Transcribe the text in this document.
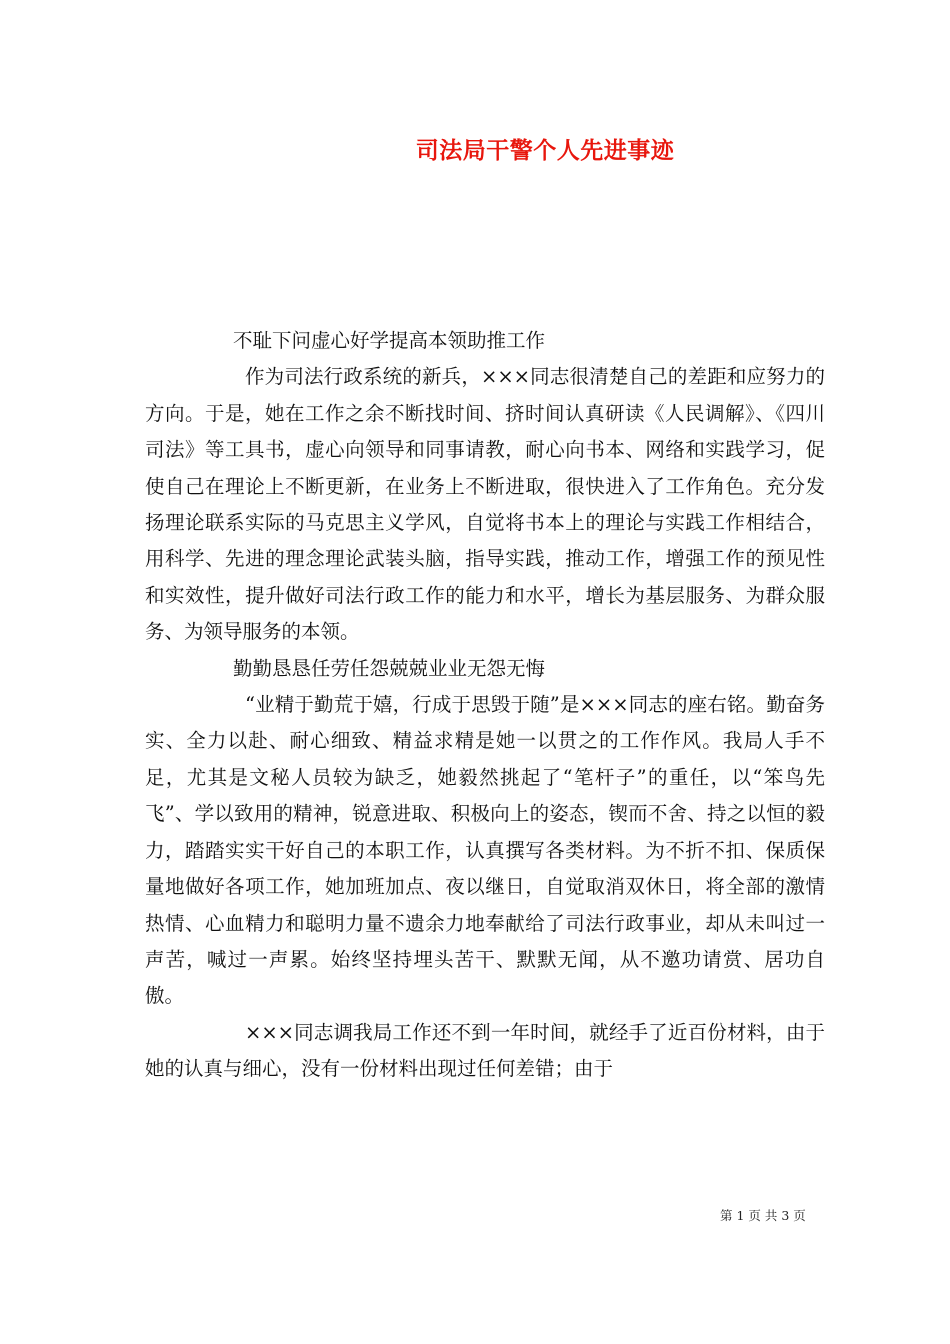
司法局干警个人先进事迹

不耻下问虚心好学提高本领助推工作

作为司法行政系统的新兵，×××同志很清楚自己的差距和应努力的方向。于是，她在工作之余不断找时间、挤时间认真研读《人民调解》、《四川司法》等工具书，虚心向领导和同事请教，耐心向书本、网络和实践学习，促使自己在理论上不断更新，在业务上不断进取，很快进入了工作角色。充分发扬理论联系实际的马克思主义学风，自觉将书本上的理论与实践工作相结合，用科学、先进的理念理论武装头脑，指导实践，推动工作，增强工作的预见性和实效性，提升做好司法行政工作的能力和水平，增长为基层服务、为群众服务、为领导服务的本领。

勤勤恳恳任劳任怨兢兢业业无怨无悔

“业精于勤荒于嬉，行成于思毁于随”是×××同志的座右铭。勤奋务实、全力以赴、耐心细致、精益求精是她一以贯之的工作作风。我局人手不足，尤其是文秘人员较为缺乏，她毅然挑起了“笔杆子”的重任，以“笨鸟先飞”、学以致用的精神，锐意进取、积极向上的姿态，锲而不舍、持之以恒的毅力，踏踏实实干好自己的本职工作，认真撰写各类材料。为不折不扣、保质保量地做好各项工作，她加班加点、夜以继日，自觉取消双休日，将全部的激情热情、心血精力和聪明力量不遗余力地奉献给了司法行政事业，却从未叫过一声苦，喊过一声累。始终坚持埋头苦干、默默无闻，从不邀功请赏、居功自傲。

×××同志调我局工作还不到一年时间，就经手了近百份材料，由于她的认真与细心，没有一份材料出现过任何差错；由于

第 1 页 共 3 页
